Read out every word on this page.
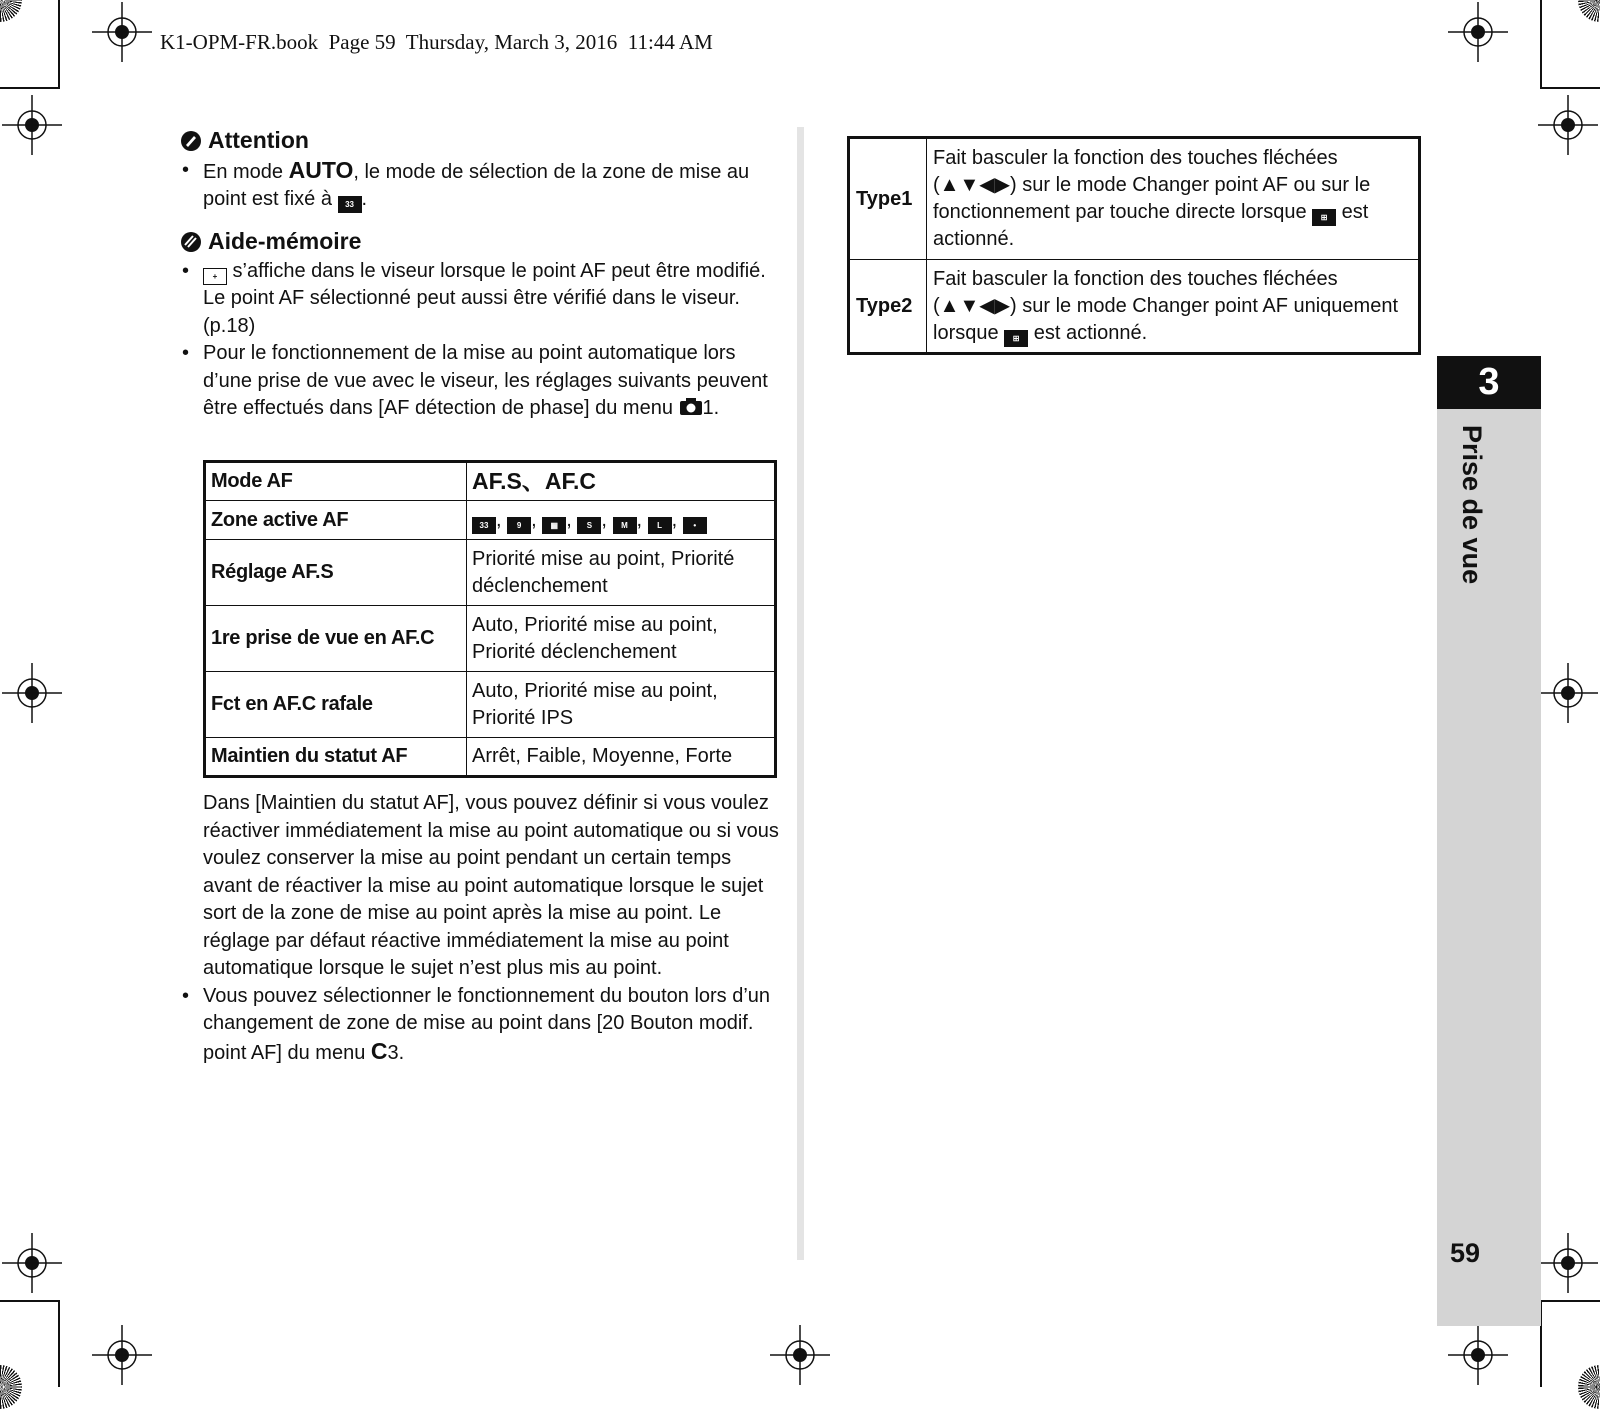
K1-OPM-FR.book  Page 59  Thursday, March 3, 2016  11:44 AM
Attention
• En mode AUTO, le mode de sélection de la zone de mise au point est fixé à 33 .
Aide-mémoire
• + s’affiche dans le viseur lorsque le point AF peut être modifié. Le point AF sélectionné peut aussi être vérifié dans le viseur. (p.18)
• Pour le fonctionnement de la mise au point automatique lors d’une prise de vue avec le viseur, les réglages suivants peuvent être effectués dans [AF détection de phase] du menu 1.
Mode AF	AF.S、AF.C
Zone active AF	33 , 9 , ▦ , S , M , L , •
Réglage AF.S	Priorité mise au point, Priorité déclenchement
1re prise de vue en AF.C	Auto, Priorité mise au point, Priorité déclenchement
Fct en AF.C rafale	Auto, Priorité mise au point, Priorité IPS
Maintien du statut AF	Arrêt, Faible, Moyenne, Forte
Dans [Maintien du statut AF], vous pouvez définir si vous voulez réactiver immédiatement la mise au point automatique ou si vous voulez conserver la mise au point pendant un certain temps avant de réactiver la mise au point automatique lorsque le sujet sort de la zone de mise au point après la mise au point. Le réglage par défaut réactive immédiatement la mise au point automatique lorsque le sujet n’est plus mis au point.
• Vous pouvez sélectionner le fonctionnement du bouton lors d’un changement de zone de mise au point dans [20 Bouton modif. point AF] du menu C3.
Type1	Fait basculer la fonction des touches fléchées (▲▼◀▶) sur le mode Changer point AF ou sur le fonctionnement par touche directe lorsque ⊞ est actionné.
Type2	Fait basculer la fonction des touches fléchées (▲▼◀▶) sur le mode Changer point AF uniquement lorsque ⊞ est actionné.
3
Prise de vue
59
